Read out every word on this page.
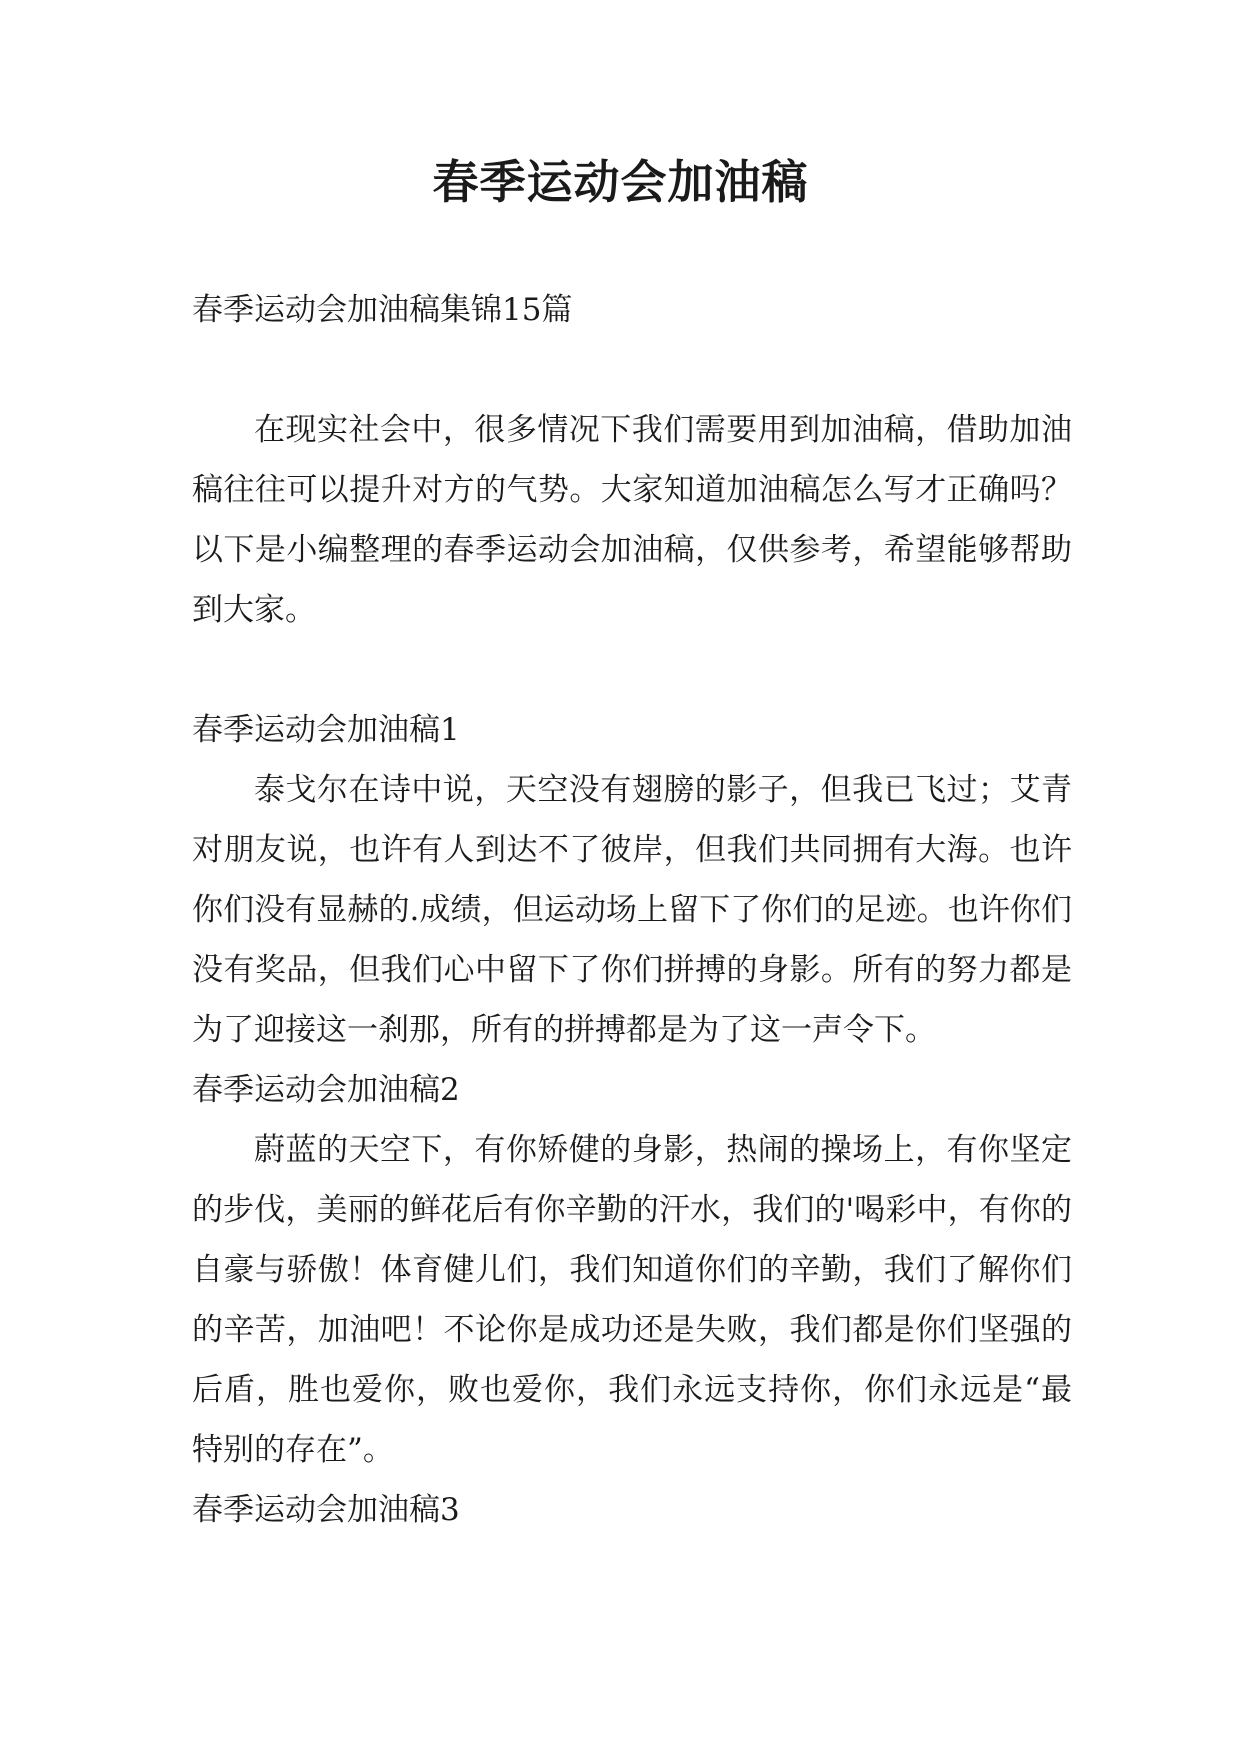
春季运动会加油稿

春季运动会加油稿集锦15篇

在现实社会中，很多情况下我们需要用到加油稿，借助加油稿往往可以提升对方的气势。大家知道加油稿怎么写才正确吗？以下是小编整理的春季运动会加油稿，仅供参考，希望能够帮助到大家。

春季运动会加油稿1

泰戈尔在诗中说，天空没有翅膀的影子，但我已飞过；艾青对朋友说，也许有人到达不了彼岸，但我们共同拥有大海。也许你们没有显赫的.成绩，但运动场上留下了你们的足迹。也许你们没有奖品，但我们心中留下了你们拼搏的身影。所有的努力都是为了迎接这一刹那，所有的拼搏都是为了这一声令下。

春季运动会加油稿2

蔚蓝的天空下，有你矫健的身影，热闹的操场上，有你坚定的步伐，美丽的鲜花后有你辛勤的汗水，我们的'喝彩中，有你的自豪与骄傲！体育健儿们，我们知道你们的辛勤，我们了解你们的辛苦，加油吧！不论你是成功还是失败，我们都是你们坚强的后盾，胜也爱你，败也爱你，我们永远支持你，你们永远是“最特别的存在”。

春季运动会加油稿3
